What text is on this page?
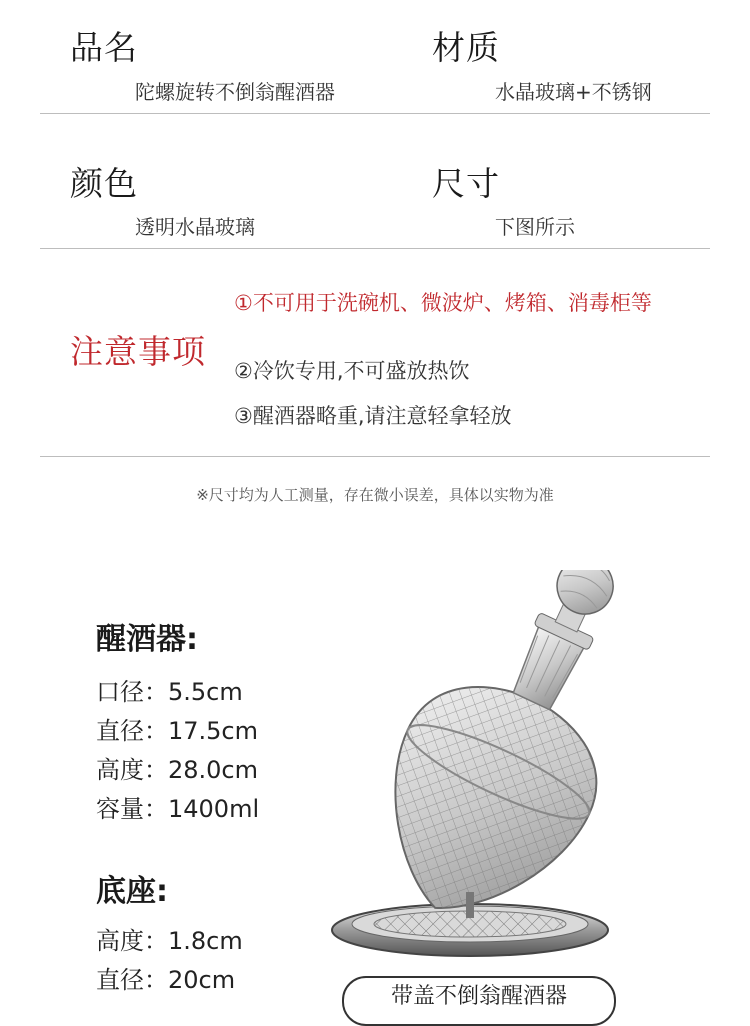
品名
陀螺旋转不倒翁醒酒器
材质
水晶玻璃+不锈钢
颜色
透明水晶玻璃
尺寸
下图所示
注意事项
①不可用于洗碗机、微波炉、烤箱、消毒柜等
②冷饮专用,不可盛放热饮
③醒酒器略重,请注意轻拿轻放
※尺寸均为人工测量，存在微小误差，具体以实物为准
醒酒器:
口径：5.5cm
直径：17.5cm
高度：28.0cm
容量：1400ml
底座:
高度：1.8cm
直径：20cm
带盖不倒翁醒酒器
